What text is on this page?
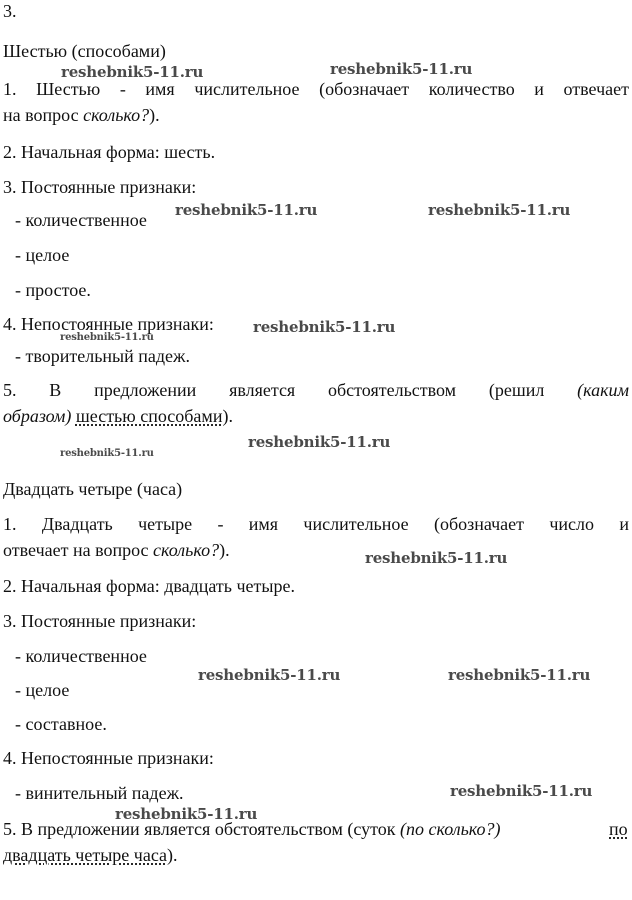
3.
Шестью (способами)
1. Шестью - имя числительное (обозначает количество и отвечает
на вопрос сколько?).
2. Начальная форма: шесть.
3. Постоянные признаки:
- количественное
- целое
- простое.
4. Непостоянные признаки:
- творительный падеж.
5. В предложении является обстоятельством (решил (каким
образом) шестью способами).
Двадцать четыре (часа)
1. Двадцать четыре - имя числительное (обозначает число и
отвечает на вопрос сколько?).
2. Начальная форма: двадцать четыре.
3. Постоянные признаки:
- количественное
- целое
- составное.
4. Непостоянные признаки:
- винительный падеж.
5. В предложении является обстоятельством (суток (по сколько?)	по
двадцать четыре часа).
reshebnik5-11.ru	reshebnik5-11.ru
reshebnik5-11.ru	reshebnik5-11.ru
reshebnik5-11.ru
reshebnik5-11.ru
reshebnik5-11.ru
reshebnik5-11.ru
reshebnik5-11.ru
reshebnik5-11.ru	reshebnik5-11.ru
reshebnik5-11.ru
reshebnik5-11.ru
